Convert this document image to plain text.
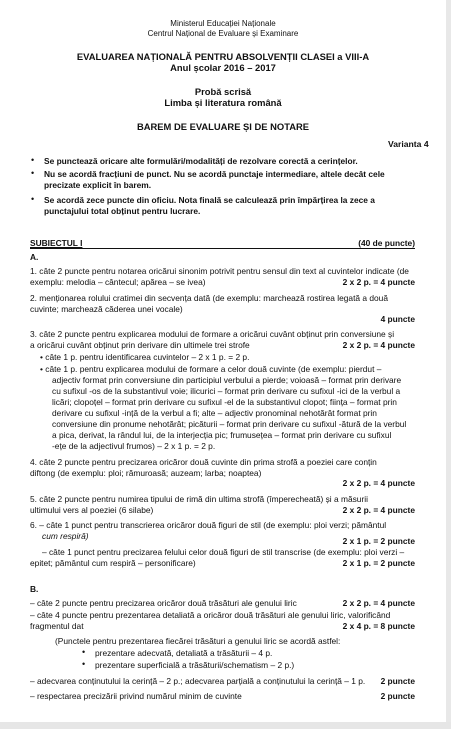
Ministerul Educației Naționale
Centrul Național de Evaluare și Examinare
EVALUAREA NAȚIONALĂ PENTRU ABSOLVENȚII CLASEI a VIII-A
Anul școlar 2016 – 2017
Probă scrisă
Limba și literatura română
BAREM DE EVALUARE ȘI DE NOTARE
Varianta 4
• Se punctează oricare alte formulări/modalități de rezolvare corectă a cerințelor.
• Nu se acordă fracțiuni de punct. Nu se acordă punctaje intermediare, altele decât cele
precizate explicit în barem.
• Se acordă zece puncte din oficiu. Nota finală se calculează prin împărțirea la zece a
punctajului total obținut pentru lucrare.
SUBIECTUL I	(40 de puncte)
A.
1. câte 2 puncte pentru notarea oricărui sinonim potrivit pentru sensul din text al cuvintelor indicate (de
exemplu: melodia – cântecul; apărea – se ivea)	2 x 2 p. = 4 puncte
2. menționarea rolului cratimei din secvența dată (de exemplu: marchează rostirea legată a două
cuvinte; marchează căderea unei vocale)
4 puncte
3. câte 2 puncte pentru explicarea modului de formare a oricărui cuvânt obținut prin conversiune și
a oricărui cuvânt obținut prin derivare din ultimele trei strofe	2 x 2 p. = 4 puncte
• câte 1 p. pentru identificarea cuvintelor – 2 x 1 p. = 2 p.
• câte 1 p. pentru explicarea modului de formare a celor două cuvinte (de exemplu: pierdut –
adjectiv format prin conversiune din participiul verbului a pierde; voioasă – format prin derivare
cu sufixul -os de la substantivul voie; ilicurici – format prin derivare cu sufixul -ici de la verbul a
licări; clopoțel – format prin derivare cu sufixul -el de la substantivul clopot; ființa – format prin
derivare cu sufixul -ință de la verbul a fi; alte – adjectiv pronominal nehotărât format prin
conversiune din pronume nehotărât; picăturii – format prin derivare cu sufixul -ătură de la verbul
a pica, derivat, la rândul lui, de la interjecția pic; frumusețea – format prin derivare cu sufixul
-ețe de la adjectivul frumos) – 2 x 1 p. = 2 p.
4. câte 2 puncte pentru precizarea oricăror două cuvinte din prima strofă a poeziei care conțin
diftong (de exemplu: ploi; rămuroasă; auzeam; larba; noaptea)
2 x 2 p. = 4 puncte
5. câte 2 puncte pentru numirea tipului de rimă din ultima strofă (împerecheată) și a măsurii
ultimului vers al poeziei (6 silabe)	2 x 2 p. = 4 puncte
6. – câte 1 punct pentru transcrierea oricăror două figuri de stil (de exemplu: ploi verzi; pământul
cum respiră)	2 x 1 p. = 2 puncte
– câte 1 punct pentru precizarea felului celor două figuri de stil transcrise (de exemplu: ploi verzi –
epitet; pământul cum respiră – personificare)	2 x 1 p. = 2 puncte
B.
– câte 2 puncte pentru precizarea oricăror două trăsături ale genului liric	2 x 2 p. = 4 puncte
– câte 4 puncte pentru prezentarea detaliată a oricăror două trăsături ale genului liric, valorificând
fragmentul dat	2 x 4 p. = 8 puncte
(Punctele pentru prezentarea fiecărei trăsături a genului liric se acordă astfel:
• prezentare adecvată, detaliată a trăsăturii – 4 p.
• prezentare superficială a trăsăturii/schematism – 2 p.)
– adecvarea conținutului la cerință – 2 p.; adecvarea parțială a conținutului la cerință – 1 p.	2 puncte
– respectarea precizării privind numărul minim de cuvinte	2 puncte
